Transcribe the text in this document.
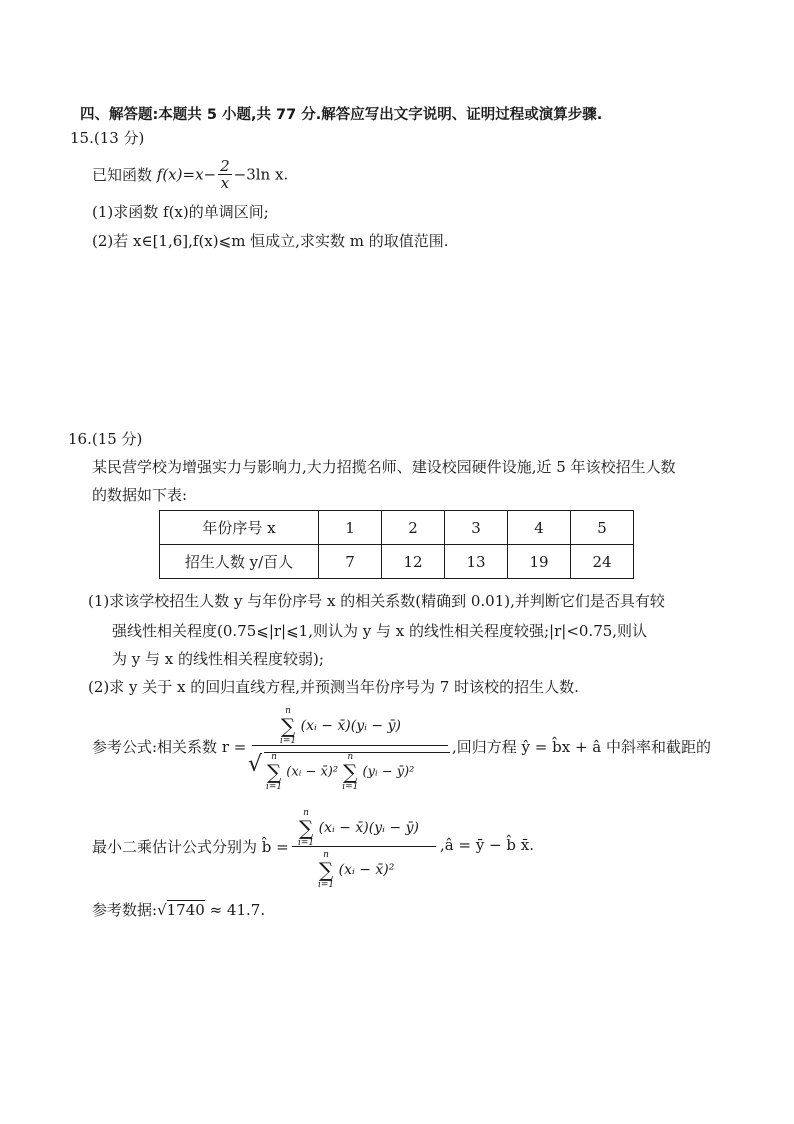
四、解答题:本题共 5 小题,共 77 分.解答应写出文字说明、证明过程或演算步骤.
15.(13 分)
已知函数 $f(x)=x- \frac{2}{x} -3\ln$ x.
(1)求函数 f(x)的单调区间;
(2)若 x∈[1,6],f(x)⩽m 恒成立,求实数 m 的取值范围.
16.(15 分)
某民营学校为增强实力与影响力,大力招揽名师、建设校园硬件设施,近 5 年该校招生人数
的数据如下表:
年份序号 x	1	2	3	4	5
招生人数 y/百人	7	12	13	19	24
(1)求该学校招生人数 y 与年份序号 x 的相关系数(精确到 0.01),并判断它们是否具有较
强线性相关程度(0.75⩽|r|⩽1,则认为 y 与 x 的线性相关程度较强;|r|<0.75,则认
为 y 与 x 的线性相关程度较弱);
(2)求 y 关于 x 的回归直线方程,并预测当年份序号为 7 时该校的招生人数.
参考公式:相关系数 r =
n
∑
i=1
(xᵢ − x̄)(yᵢ − ȳ)
√	n
∑
i=1
(xᵢ − x̄)²
n
∑
i=1
(yᵢ − ȳ)²
,回归方程 ŷ = b̂x + â 中斜率和截距的
最小二乘估计公式分别为 b̂ =
n
∑
i=1
(xᵢ − x̄)(yᵢ − ȳ)
n
∑
i=1
(xᵢ − x̄)²
,â = ȳ − b̂ x̄.
参考数据:√1740 ≈ 41.7.
